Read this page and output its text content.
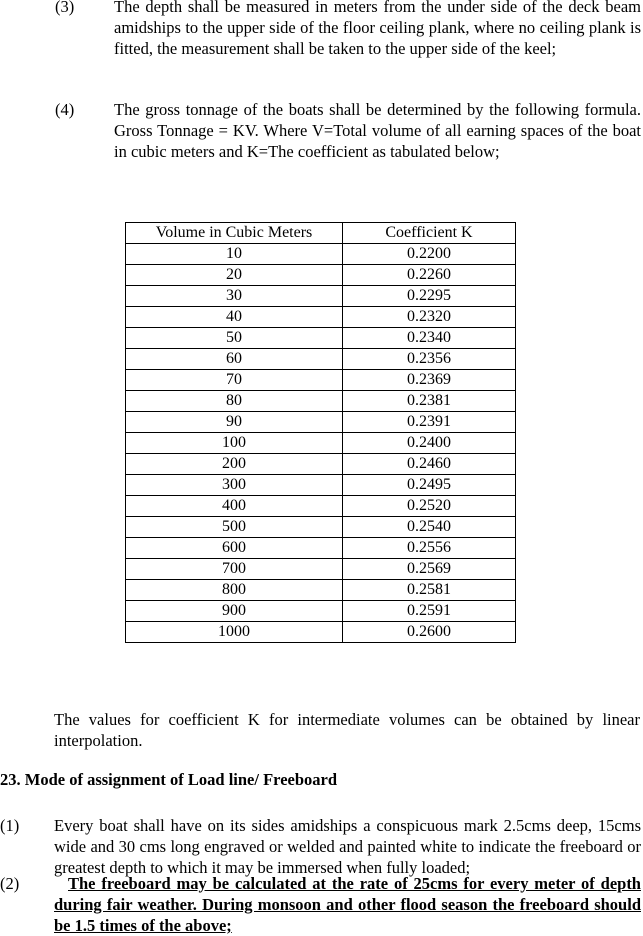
(3) The depth shall be measured in meters from the under side of the deck beam amidships to the upper side of the floor ceiling plank, where no ceiling plank is fitted, the measurement shall be taken to the upper side of the keel;
(4) The gross tonnage of the boats shall be determined by the following formula. Gross Tonnage = KV. Where V=Total volume of all earning spaces of the boat in cubic meters and K=The coefficient as tabulated below;
Volume in Cubic Meters	Coefficient K
10	0.2200
20	0.2260
30	0.2295
40	0.2320
50	0.2340
60	0.2356
70	0.2369
80	0.2381
90	0.2391
100	0.2400
200	0.2460
300	0.2495
400	0.2520
500	0.2540
600	0.2556
700	0.2569
800	0.2581
900	0.2591
1000	0.2600
The values for coefficient K for intermediate volumes can be obtained by linear interpolation.
23. Mode of assignment of Load line/ Freeboard
(1) Every boat shall have on its sides amidships a conspicuous mark 2.5cms deep, 15cms wide and 30 cms long engraved or welded and painted white to indicate the freeboard or greatest depth to which it may be immersed when fully loaded;
(2)	The freeboard may be calculated at the rate of 25cms for every meter of depth during fair weather. During monsoon and other flood season the freeboard should be 1.5 times of the above;
